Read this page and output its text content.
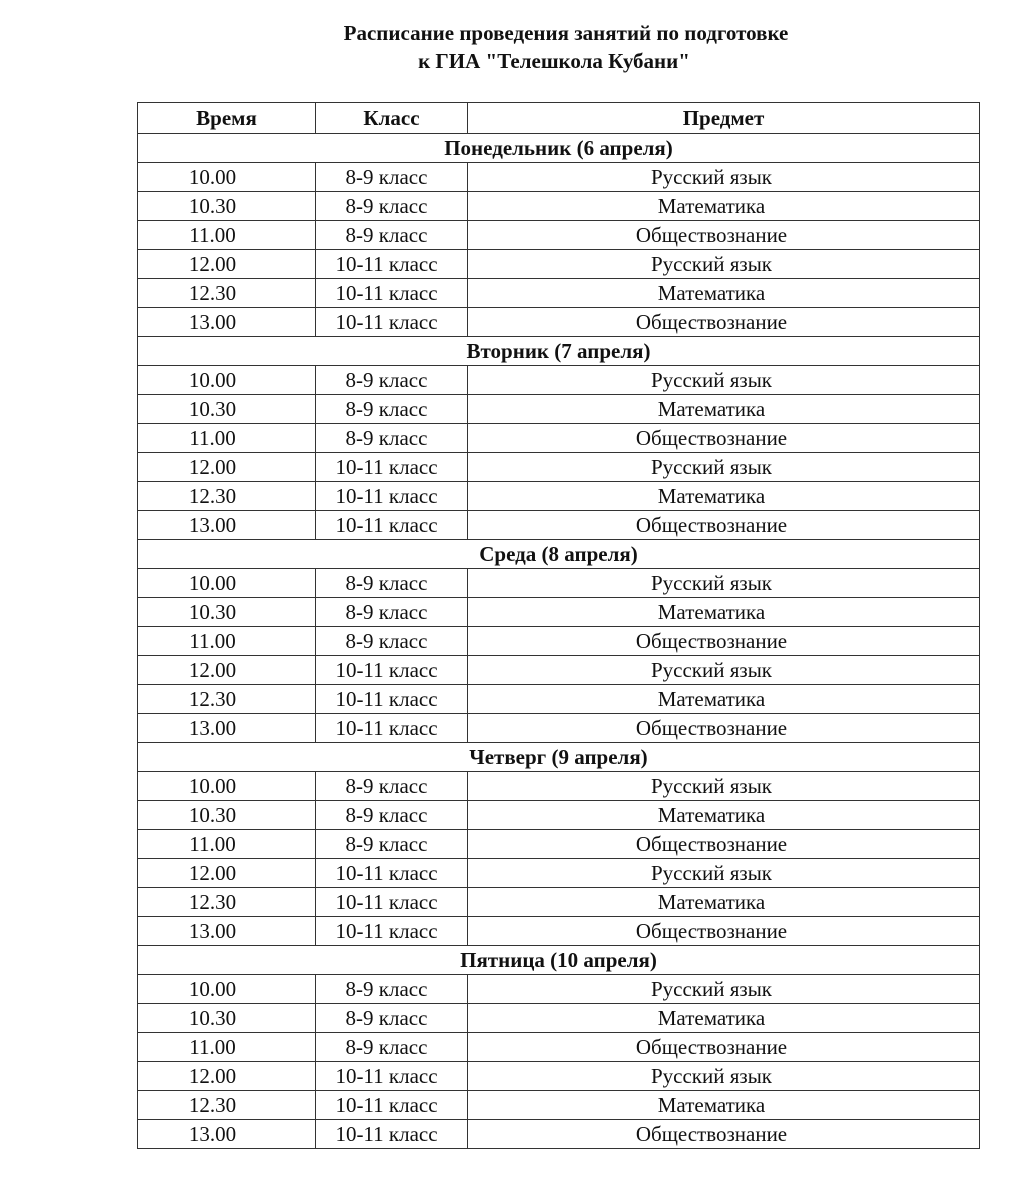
Расписание проведения занятий по подготовке
к ГИА "Телешкола Кубани"
Время	Класс	Предмет
Понедельник (6 апреля)		
10.00	8-9 класс	Русский язык
10.30	8-9 класс	Математика
11.00	8-9 класс	Обществознание
12.00	10-11 класс	Русский язык
12.30	10-11 класс	Математика
13.00	10-11 класс	Обществознание
Вторник (7 апреля)		
10.00	8-9 класс	Русский язык
10.30	8-9 класс	Математика
11.00	8-9 класс	Обществознание
12.00	10-11 класс	Русский язык
12.30	10-11 класс	Математика
13.00	10-11 класс	Обществознание
Среда (8 апреля)		
10.00	8-9 класс	Русский язык
10.30	8-9 класс	Математика
11.00	8-9 класс	Обществознание
12.00	10-11 класс	Русский язык
12.30	10-11 класс	Математика
13.00	10-11 класс	Обществознание
Четверг (9 апреля)		
10.00	8-9 класс	Русский язык
10.30	8-9 класс	Математика
11.00	8-9 класс	Обществознание
12.00	10-11 класс	Русский язык
12.30	10-11 класс	Математика
13.00	10-11 класс	Обществознание
Пятница (10 апреля)		
10.00	8-9 класс	Русский язык
10.30	8-9 класс	Математика
11.00	8-9 класс	Обществознание
12.00	10-11 класс	Русский язык
12.30	10-11 класс	Математика
13.00	10-11 класс	Обществознание
